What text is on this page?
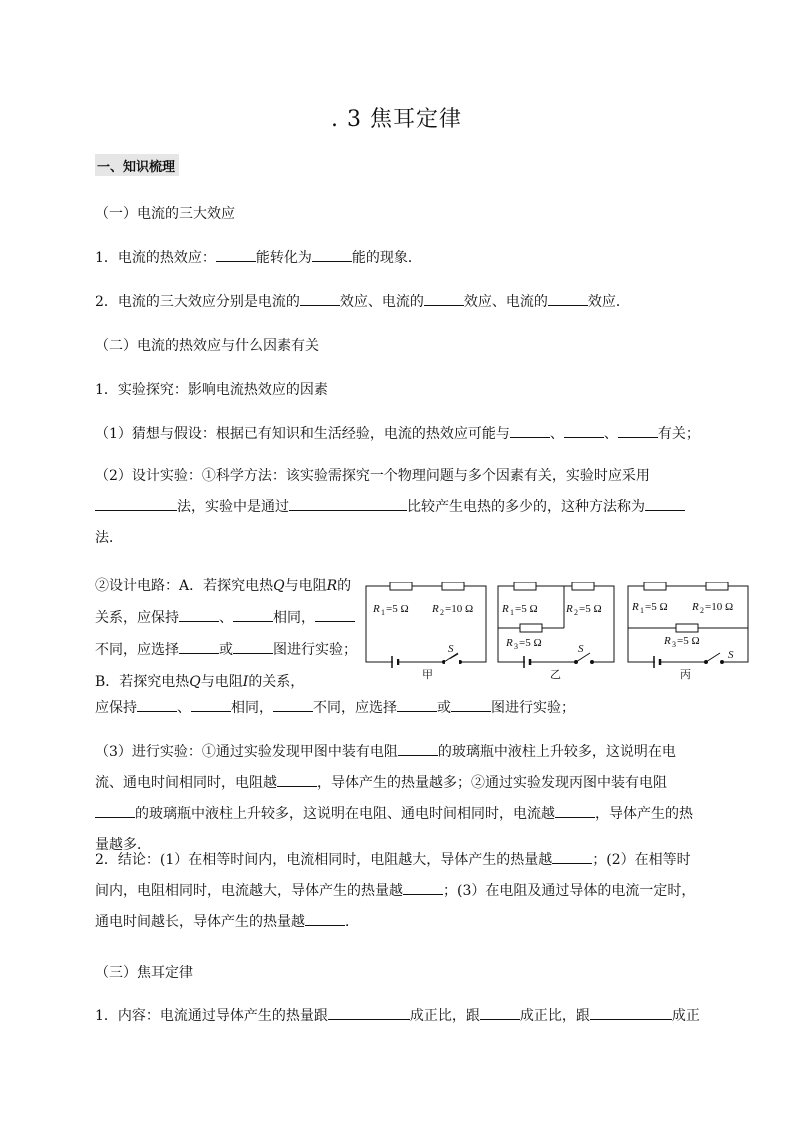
. 3 焦耳定律
一、知识梳理
（一）电流的三大效应
1．电流的热效应：	能转化为	能的现象．
2．电流的三大效应分别是电流的	效应、电流的	效应、电流的	效应．
（二）电流的热效应与什么因素有关
1．实验探究：影响电流热效应的因素
（1）猜想与假设：根据已有知识和生活经验，电流的热效应可能与	、	、	有关；
（2）设计实验：①科学方法：该实验需探究一个物理问题与多个因素有关，实验时应采用法，实验中是通过	比较产生电热的多少的，这种方法称为法．
②设计电路：A．若探究电热Q与电阻R的关系，应保持	、	相同，不同，应选择	或	图进行实验；B．若探究电热Q与电阻I的关系，
应保持	、	相同，	不同，应选择	或	图进行实验；
R 1 =5 Ω R 2 =10 Ω
S
甲
R 1 =5 Ω	R 2 =5 Ω
R 3 =5 Ω	S
乙
R 1 =5 Ω R 2 =10 Ω
R 3 =5 Ω
S
丙
（3）进行实验：①通过实验发现甲图中装有电阻	的玻璃瓶中液柱上升较多，这说明在电流、通电时间相同时，电阻越	，导体产生的热量越多；②通过实验发现丙图中装有电阻的玻璃瓶中液柱上升较多，这说明在电阻、通电时间相同时，电流越	，导体产生的热量越多．
2．结论：(1）在相等时间内，电流相同时，电阻越大，导体产生的热量越	；(2）在相等时间内，电阻相同时，电流越大，导体产生的热量越	；(3）在电阻及通过导体的电流一定时，通电时间越长，导体产生的热量越	．
（三）焦耳定律
1．内容：电流通过导体产生的热量跟	成正比，跟	成正比，跟	成正
